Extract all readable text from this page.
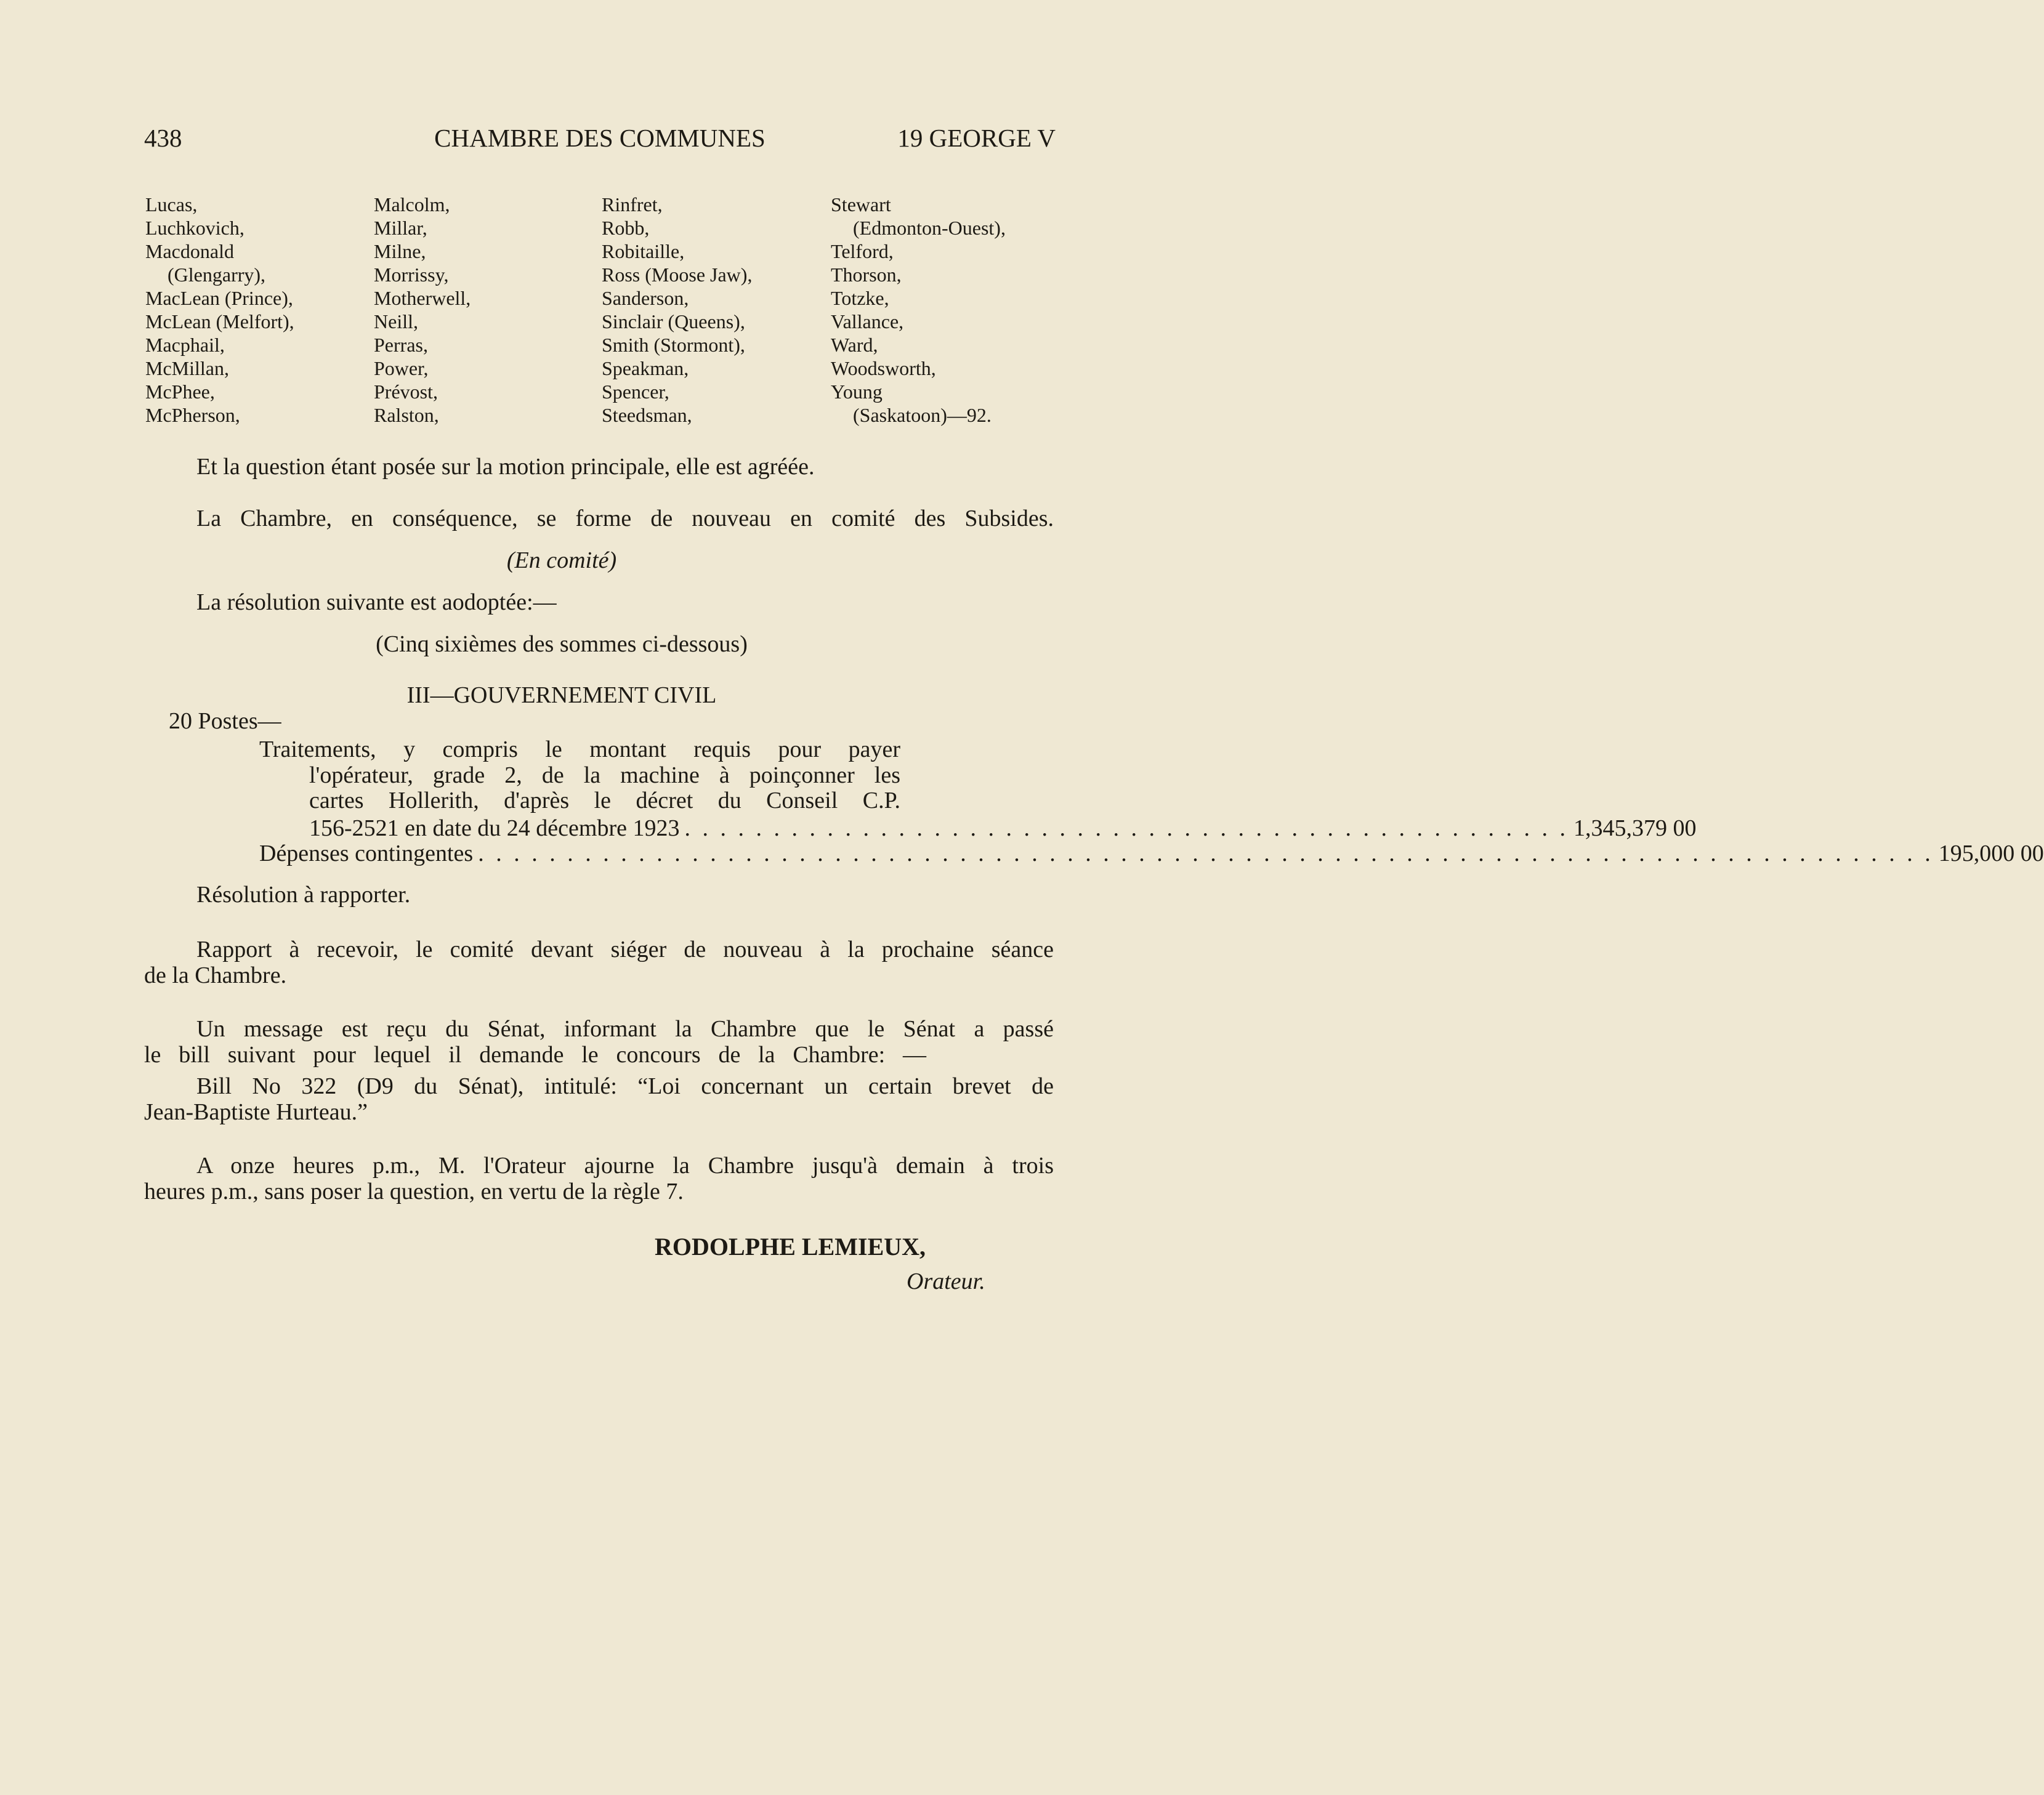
438	CHAMBRE DES COMMUNES	19 GEORGE V
Lucas,
Luchkovich,
Macdonald
(Glengarry),
MacLean (Prince),
McLean (Melfort),
Macphail,
McMillan,
McPhee,
McPherson,
Malcolm,
Millar,
Milne,
Morrissy,
Motherwell,
Neill,
Perras,
Power,
Prévost,
Ralston,
Rinfret,
Robb,
Robitaille,
Ross (Moose Jaw),
Sanderson,
Sinclair (Queens),
Smith (Stormont),
Speakman,
Spencer,
Steedsman,
Stewart
(Edmonton-Ouest),
Telford,
Thorson,
Totzke,
Vallance,
Ward,
Woodsworth,
Young
(Saskatoon)—92.
Et la question étant posée sur la motion principale, elle est agréée.
La Chambre, en conséquence, se forme de nouveau en comité des Subsides.
(En comité)
La résolution suivante est aodoptée:—
(Cinq sixièmes des sommes ci-dessous)
III—GOUVERNEMENT CIVIL
20 Postes—
Traitements, y compris le montant requis pour payer
l'opérateur, grade 2, de la machine à poinçonner les
cartes Hollerith, d'après le décret du Conseil C.P.
156-2521 en date du 24 décembre 1923 . . . . . . . . . . . . . . . . . . . . . . . . . . . . . . . . . . . . . . . . . . . . . . . . . . 1,345,379 00
Dépenses contingentes . . . . . . . . . . . . . . . . . . . . . . . . . . . . . . . . . . . . . . . . . . . . . . . . . . . . . . . . . . . . . . . . . . . . . . . . . . . . . . . . . . 195,000 00
Résolution à rapporter.
Rapport à recevoir, le comité devant siéger de nouveau à la prochaine séance
de la Chambre.
Un message est reçu du Sénat, informant la Chambre que le Sénat a passé
le bill suivant pour lequel il demande le concours de la Chambre: —
Bill No 322 (D9 du Sénat), intitulé: “Loi concernant un certain brevet de
Jean-Baptiste Hurteau.”
A onze heures p.m., M. l'Orateur ajourne la Chambre jusqu'à demain à trois
heures p.m., sans poser la question, en vertu de la règle 7.
RODOLPHE LEMIEUX,
Orateur.
